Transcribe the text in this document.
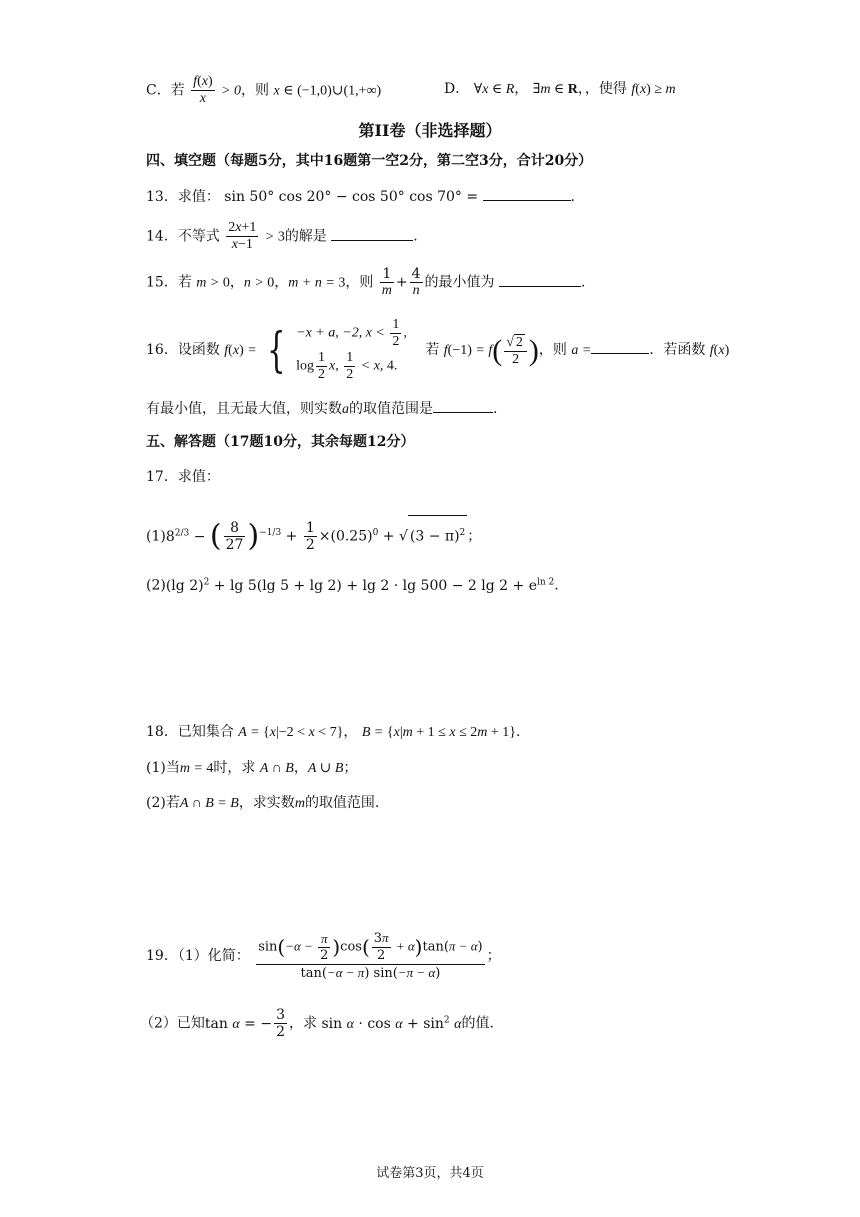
C．若 $\frac{f(x)}{x} > 0$，则 x ∈ (−1,0)∪(1,+∞)	D． ∀x ∈ R， ∃m ∈ R，，使得 f(x) ≥ m
第II卷（非选择题）
四、填空题（每题5分，其中16题第一空2分，第二空3分，合计20分）
13．求值： sin 50° cos 20° − cos 50° cos 70° =	.
14．不等式 $\frac{2x+1}{x-1} > 3$的解是	.
15．若 m > 0，n > 0，m + n = 3，则 $\frac{1}{m} + \frac{4}{n}$ 的最小值为	.
16．设函数 f(x) = { −x + a, −2, $x < \frac{1}{2}$ ,
$\log \frac{1}{2} x$, $\frac{1}{2} < x$, 4.
若 $f(-1) = f( \frac{√ 2}{2}$ )，则 a =	．若函数 f(x)
有最小值，且无最大值，则实数a的取值范围是	.
五、解答题（17题10分，其余每题12分）
17．求值：
$(1)8^{2/3}$ − ( $\frac{8}{27} )^{-1/3} + \frac{1}{2} \times(0.25)^0$ + √ $(3 - \pi)^2$ ；
(2)(lg 2)$^2$ + lg 5(lg 5 + lg 2) + lg 2 · lg 500 − 2 $\lg 2 + e^{ln 2}$.
18．已知集合 A = {x|−2 < x < 7}， B = {x|m + 1 ≤ x ≤ 2m + 1}.
(1)当m = 4时，求 A ∩ B，A ∪ B；
(2)若A ∩ B = B，求实数m的取值范围.
19．（1）化简： $\frac{\sin(-\alpha - \frac{\pi}{2} )\cos( \frac{3\pi}{2} + \alpha)\tan(\pi - \alpha)}{\tan(-\alpha - \pi) \sin(-\pi - \alpha)}$ ；
（2）已知tan α = − $\frac{3}{2}$ ，求 $\sin \alpha \cdot \cos \alpha + \sin^2 \alpha$的值.
试卷第3页，共4页
